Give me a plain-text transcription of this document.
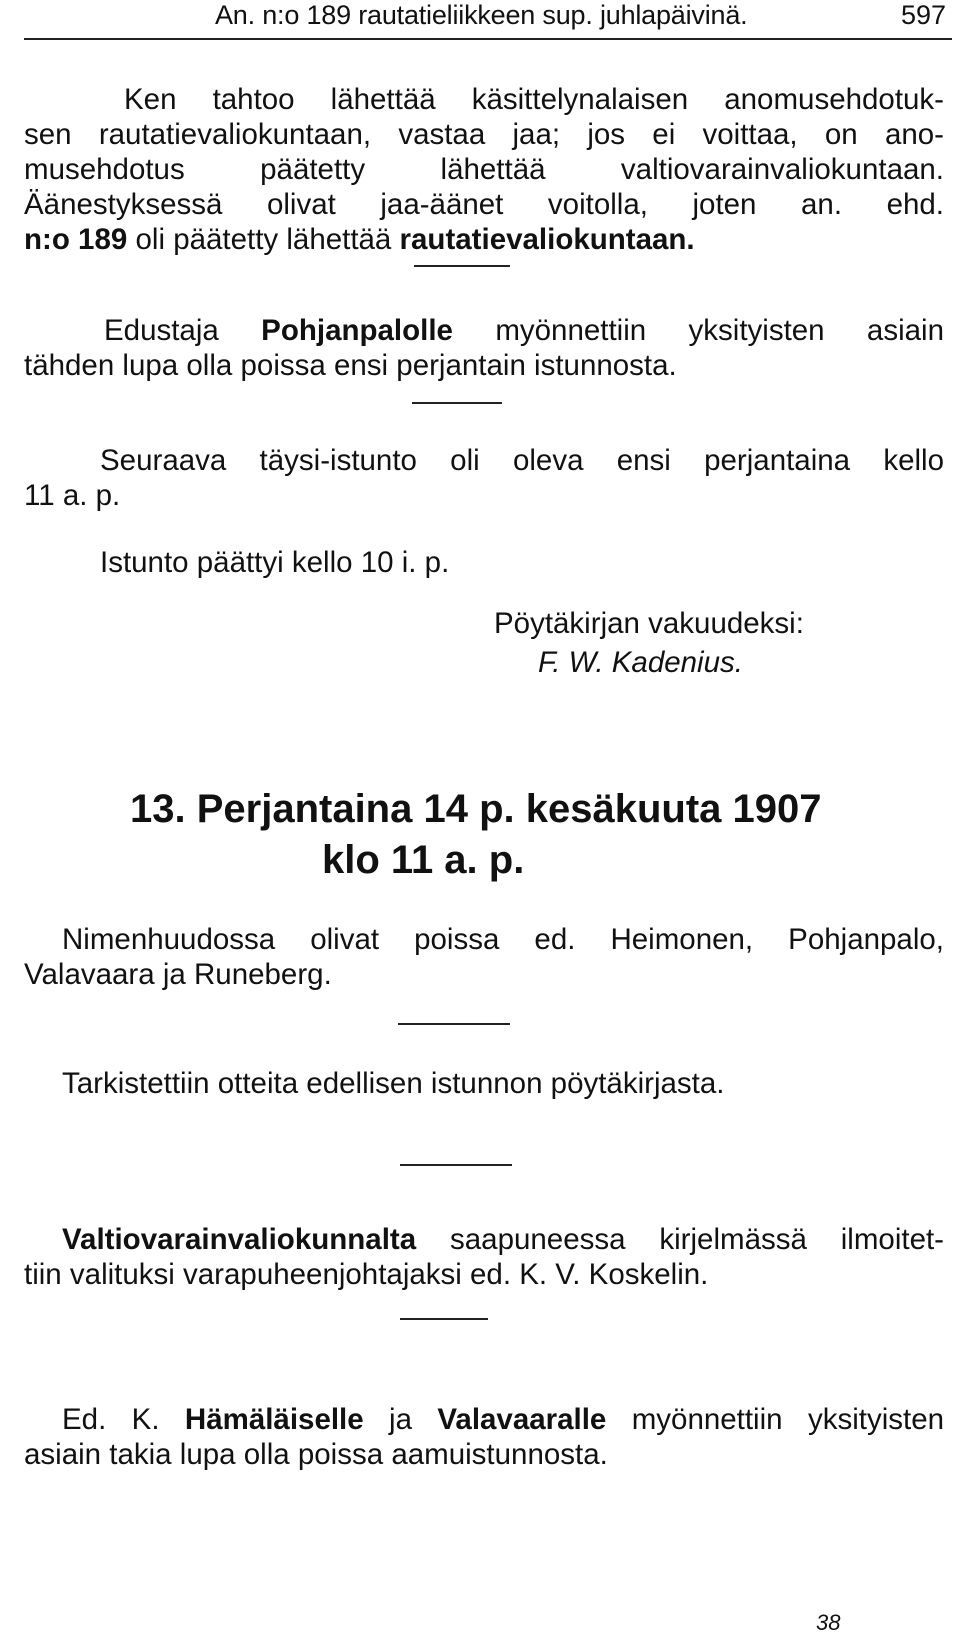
An. n:o 189 rautatieliikkeen sup. juhlapäivinä.	597
Ken tahtoo lähettää käsittelynalaisen anomusehdotuk-
sen rautatievaliokuntaan, vastaa jaa; jos ei voittaa, on ano-
musehdotus päätetty lähettää valtiovarainvaliokuntaan.
Äänestyksessä olivat jaa-äänet voitolla, joten an. ehd.
n:o 189 oli päätetty lähettää rautatievaliokuntaan.
Edustaja Pohjanpalolle myönnettiin yksityisten asiain
tähden lupa olla poissa ensi perjantain istunnosta.
Seuraava täysi-istunto oli oleva ensi perjantaina kello
11 a. p.
Istunto päättyi kello 10 i. p.
Pöytäkirjan vakuudeksi:
F. W. Kadenius.
13. Perjantaina 14 p. kesäkuuta 1907
klo 11 a. p.
Nimenhuudossa olivat poissa ed. Heimonen, Pohjanpalo,
Valavaara ja Runeberg.
Tarkistettiin otteita edellisen istunnon pöytäkirjasta.
Valtiovarainvaliokunnalta saapuneessa kirjelmässä ilmoitet-
tiin valituksi varapuheenjohtajaksi ed. K. V. Koskelin.
Ed. K. Hämäläiselle ja Valavaaralle myönnettiin yksityisten
asiain takia lupa olla poissa aamuistunnosta.
38
